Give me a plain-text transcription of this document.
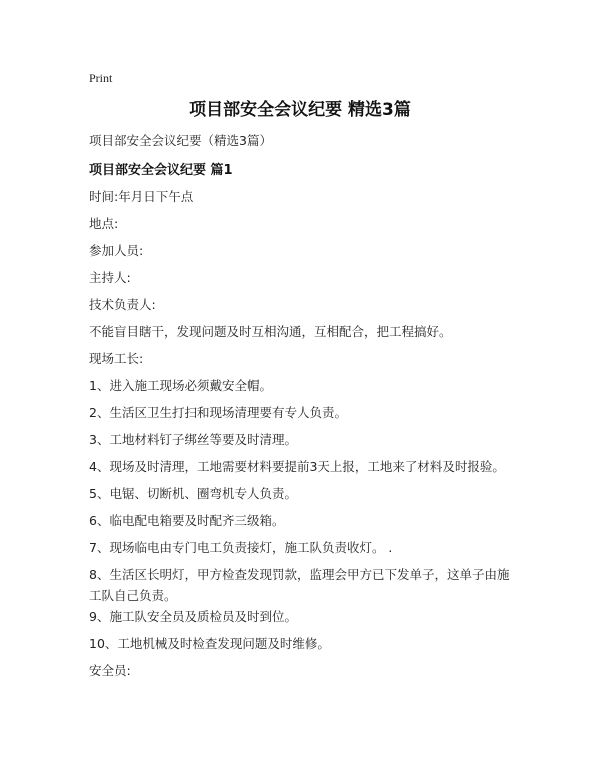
Print
项目部安全会议纪要 精选3篇
项目部安全会议纪要（精选3篇）
项目部安全会议纪要 篇1
时间:年月日下午点
地点:
参加人员:
主持人:
技术负责人:
不能盲目瞎干，发现问题及时互相沟通，互相配合，把工程搞好。
现场工长:
1、进入施工现场必须戴安全帽。
2、生活区卫生打扫和现场清理要有专人负责。
3、工地材料钉子绑丝等要及时清理。
4、现场及时清理，工地需要材料要提前3天上报，工地来了材料及时报验。
5、电锯、切断机、圈弯机专人负责。
6、临电配电箱要及时配齐三级箱。
7、现场临电由专门电工负责接灯，施工队负责收灯。 .
8、生活区长明灯，甲方检查发现罚款，监理会甲方已下发单子，这单子由施工队自己负责。
9、施工队安全员及质检员及时到位。
10、工地机械及时检查发现问题及时维修。
安全员:
